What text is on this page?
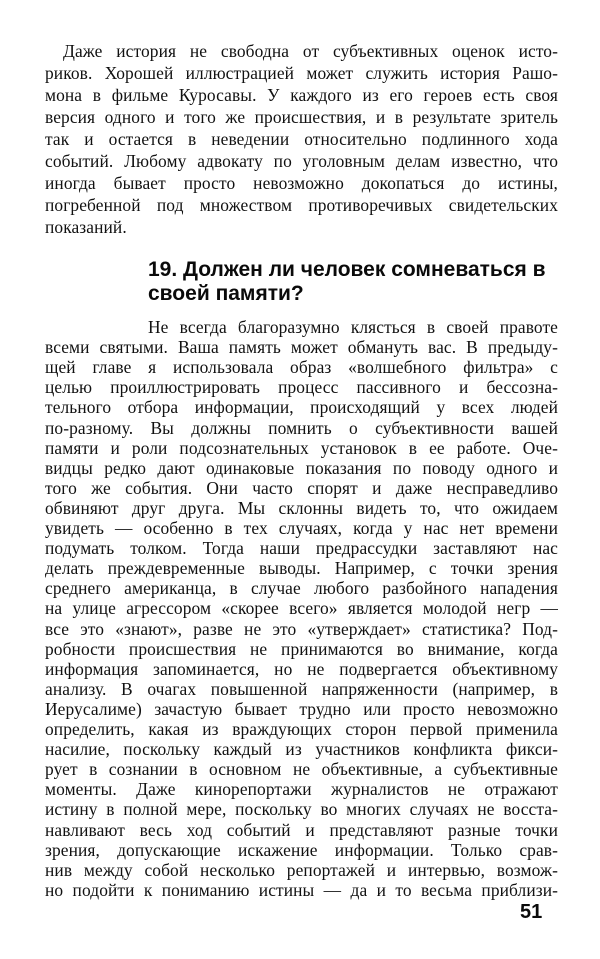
Даже история не свободна от субъективных оценок исто-
риков. Хорошей иллюстрацией может служить история Рашо-
мона в фильме Куросавы. У каждого из его героев есть своя
версия одного и того же происшествия, и в результате зритель
так и остается в неведении относительно подлинного хода
событий. Любому адвокату по уголовным делам известно, что
иногда бывает просто невозможно докопаться до истины,
погребенной под множеством противоречивых свидетельских
показаний.
19. Должен ли человек сомневаться в
своей памяти?
Не всегда благоразумно клясться в своей правоте
всеми святыми. Ваша память может обмануть вас. В предыду-
щей главе я использовала образ «волшебного фильтра» с
целью проиллюстрировать процесс пассивного и бессозна-
тельного отбора информации, происходящий у всех людей
по-разному. Вы должны помнить о субъективности вашей
памяти и роли подсознательных установок в ее работе. Оче-
видцы редко дают одинаковые показания по поводу одного и
того же события. Они часто спорят и даже несправедливо
обвиняют друг друга. Мы склонны видеть то, что ожидаем
увидеть — особенно в тех случаях, когда у нас нет времени
подумать толком. Тогда наши предрассудки заставляют нас
делать преждевременные выводы. Например, с точки зрения
среднего американца, в случае любого разбойного нападения
на улице агрессором «скорее всего» является молодой негр —
все это «знают», разве не это «утверждает» статистика? Под-
робности происшествия не принимаются во внимание, когда
информация запоминается, но не подвергается объективному
анализу. В очагах повышенной напряженности (например, в
Иерусалиме) зачастую бывает трудно или просто невозможно
определить, какая из враждующих сторон первой применила
насилие, поскольку каждый из участников конфликта фикси-
рует в сознании в основном не объективные, а субъективные
моменты. Даже кинорепортажи журналистов не отражают
истину в полной мере, поскольку во многих случаях не восста-
навливают весь ход событий и представляют разные точки
зрения, допускающие искажение информации. Только срав-
нив между собой несколько репортажей и интервью, возмож-
но подойти к пониманию истины — да и то весьма приблизи-
51
